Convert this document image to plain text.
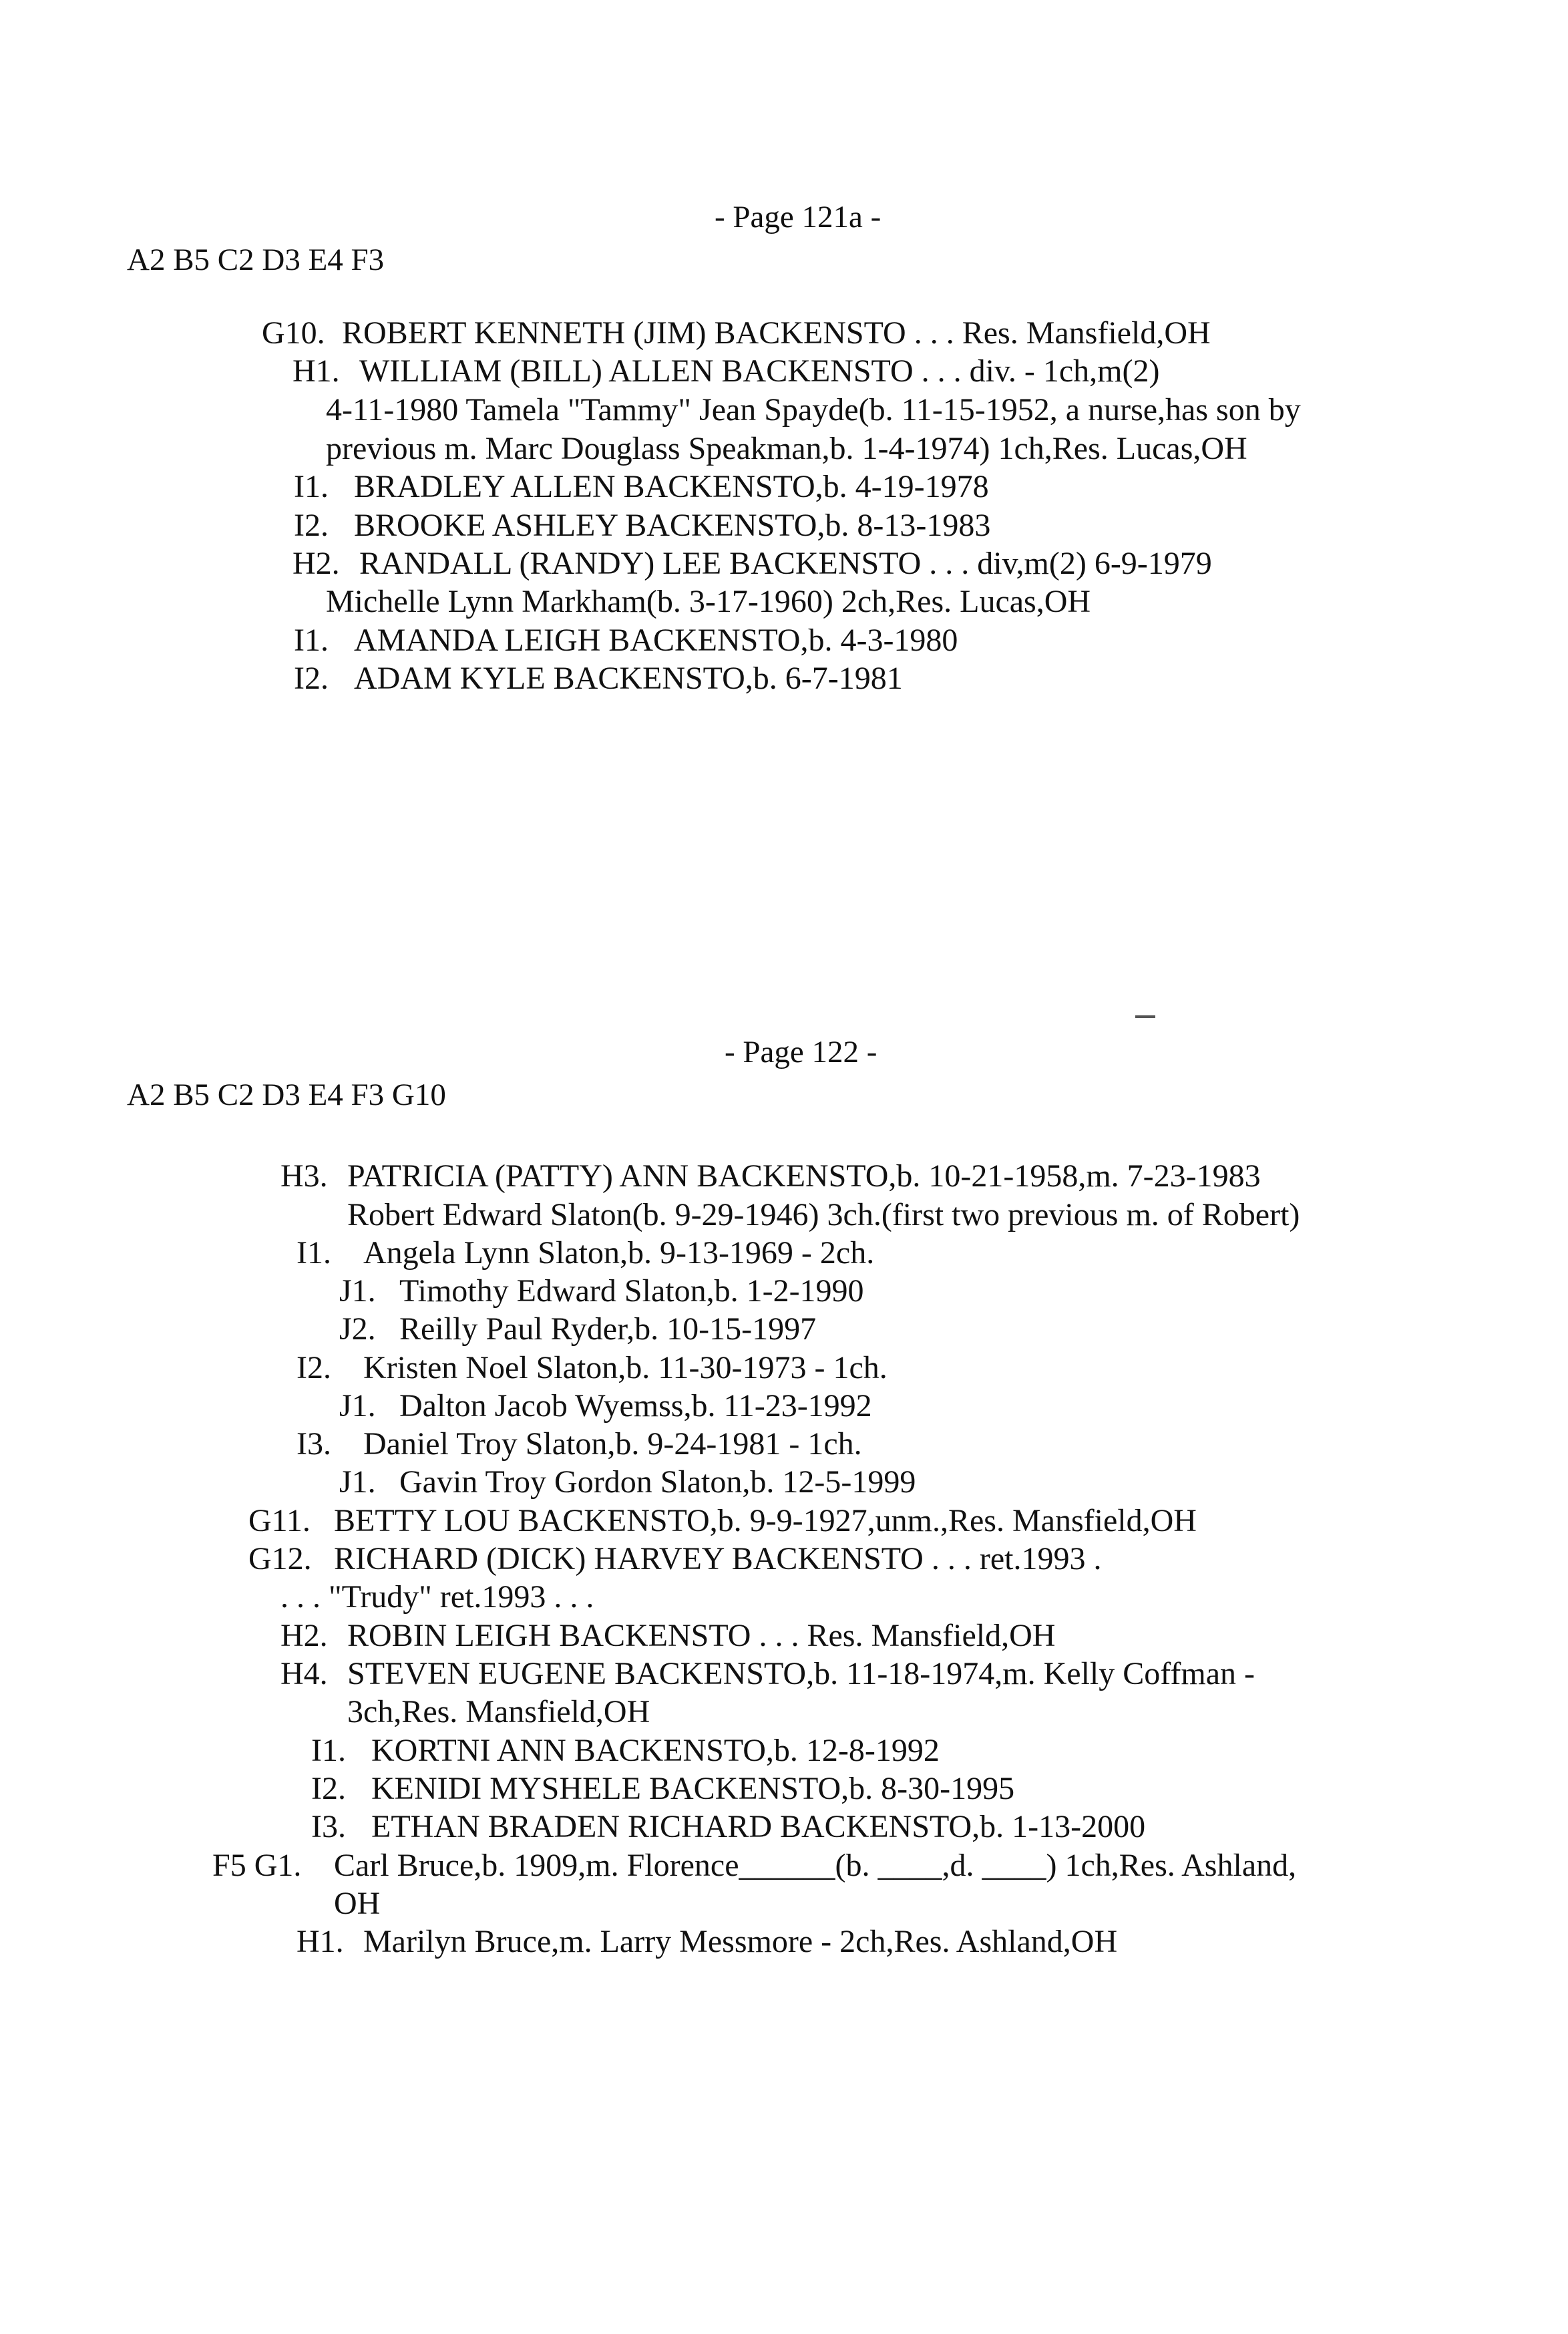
- Page 121a -
A2 B5 C2 D3 E4 F3
G10. ROBERT KENNETH (JIM) BACKENSTO . . . Res. Mansfield,OH
H1. WILLIAM (BILL) ALLEN BACKENSTO . . . div. - 1ch,m(2)
4-11-1980 Tamela "Tammy" Jean Spayde(b. 11-15-1952, a nurse,has son by
previous m. Marc Douglass Speakman,b. 1-4-1974) 1ch,Res. Lucas,OH
I1. BRADLEY ALLEN BACKENSTO,b. 4-19-1978
I2. BROOKE ASHLEY BACKENSTO,b. 8-13-1983
H2. RANDALL (RANDY) LEE BACKENSTO . . . div,m(2) 6-9-1979
Michelle Lynn Markham(b. 3-17-1960) 2ch,Res. Lucas,OH
I1. AMANDA LEIGH BACKENSTO,b. 4-3-1980
I2. ADAM KYLE BACKENSTO,b. 6-7-1981
- Page 122 -
A2 B5 C2 D3 E4 F3 G10
H3. PATRICIA (PATTY) ANN BACKENSTO,b. 10-21-1958,m. 7-23-1983
Robert Edward Slaton(b. 9-29-1946) 3ch.(first two previous m. of Robert)
I1. Angela Lynn Slaton,b. 9-13-1969 - 2ch.
J1. Timothy Edward Slaton,b. 1-2-1990
J2. Reilly Paul Ryder,b. 10-15-1997
I2. Kristen Noel Slaton,b. 11-30-1973 - 1ch.
J1. Dalton Jacob Wyemss,b. 11-23-1992
I3. Daniel Troy Slaton,b. 9-24-1981 - 1ch.
J1. Gavin Troy Gordon Slaton,b. 12-5-1999
G11. BETTY LOU BACKENSTO,b. 9-9-1927,unm.,Res. Mansfield,OH
G12. RICHARD (DICK) HARVEY BACKENSTO . . . ret.1993 .
. . . "Trudy" ret.1993 . . .
H2. ROBIN LEIGH BACKENSTO . . . Res. Mansfield,OH
H4. STEVEN EUGENE BACKENSTO,b. 11-18-1974,m. Kelly Coffman -
3ch,Res. Mansfield,OH
I1. KORTNI ANN BACKENSTO,b. 12-8-1992
I2. KENIDI MYSHELE BACKENSTO,b. 8-30-1995
I3. ETHAN BRADEN RICHARD BACKENSTO,b. 1-13-2000
F5 G1. Carl Bruce,b. 1909,m. Florence______(b. ____,d. ____) 1ch,Res. Ashland,
OH
H1. Marilyn Bruce,m. Larry Messmore - 2ch,Res. Ashland,OH
